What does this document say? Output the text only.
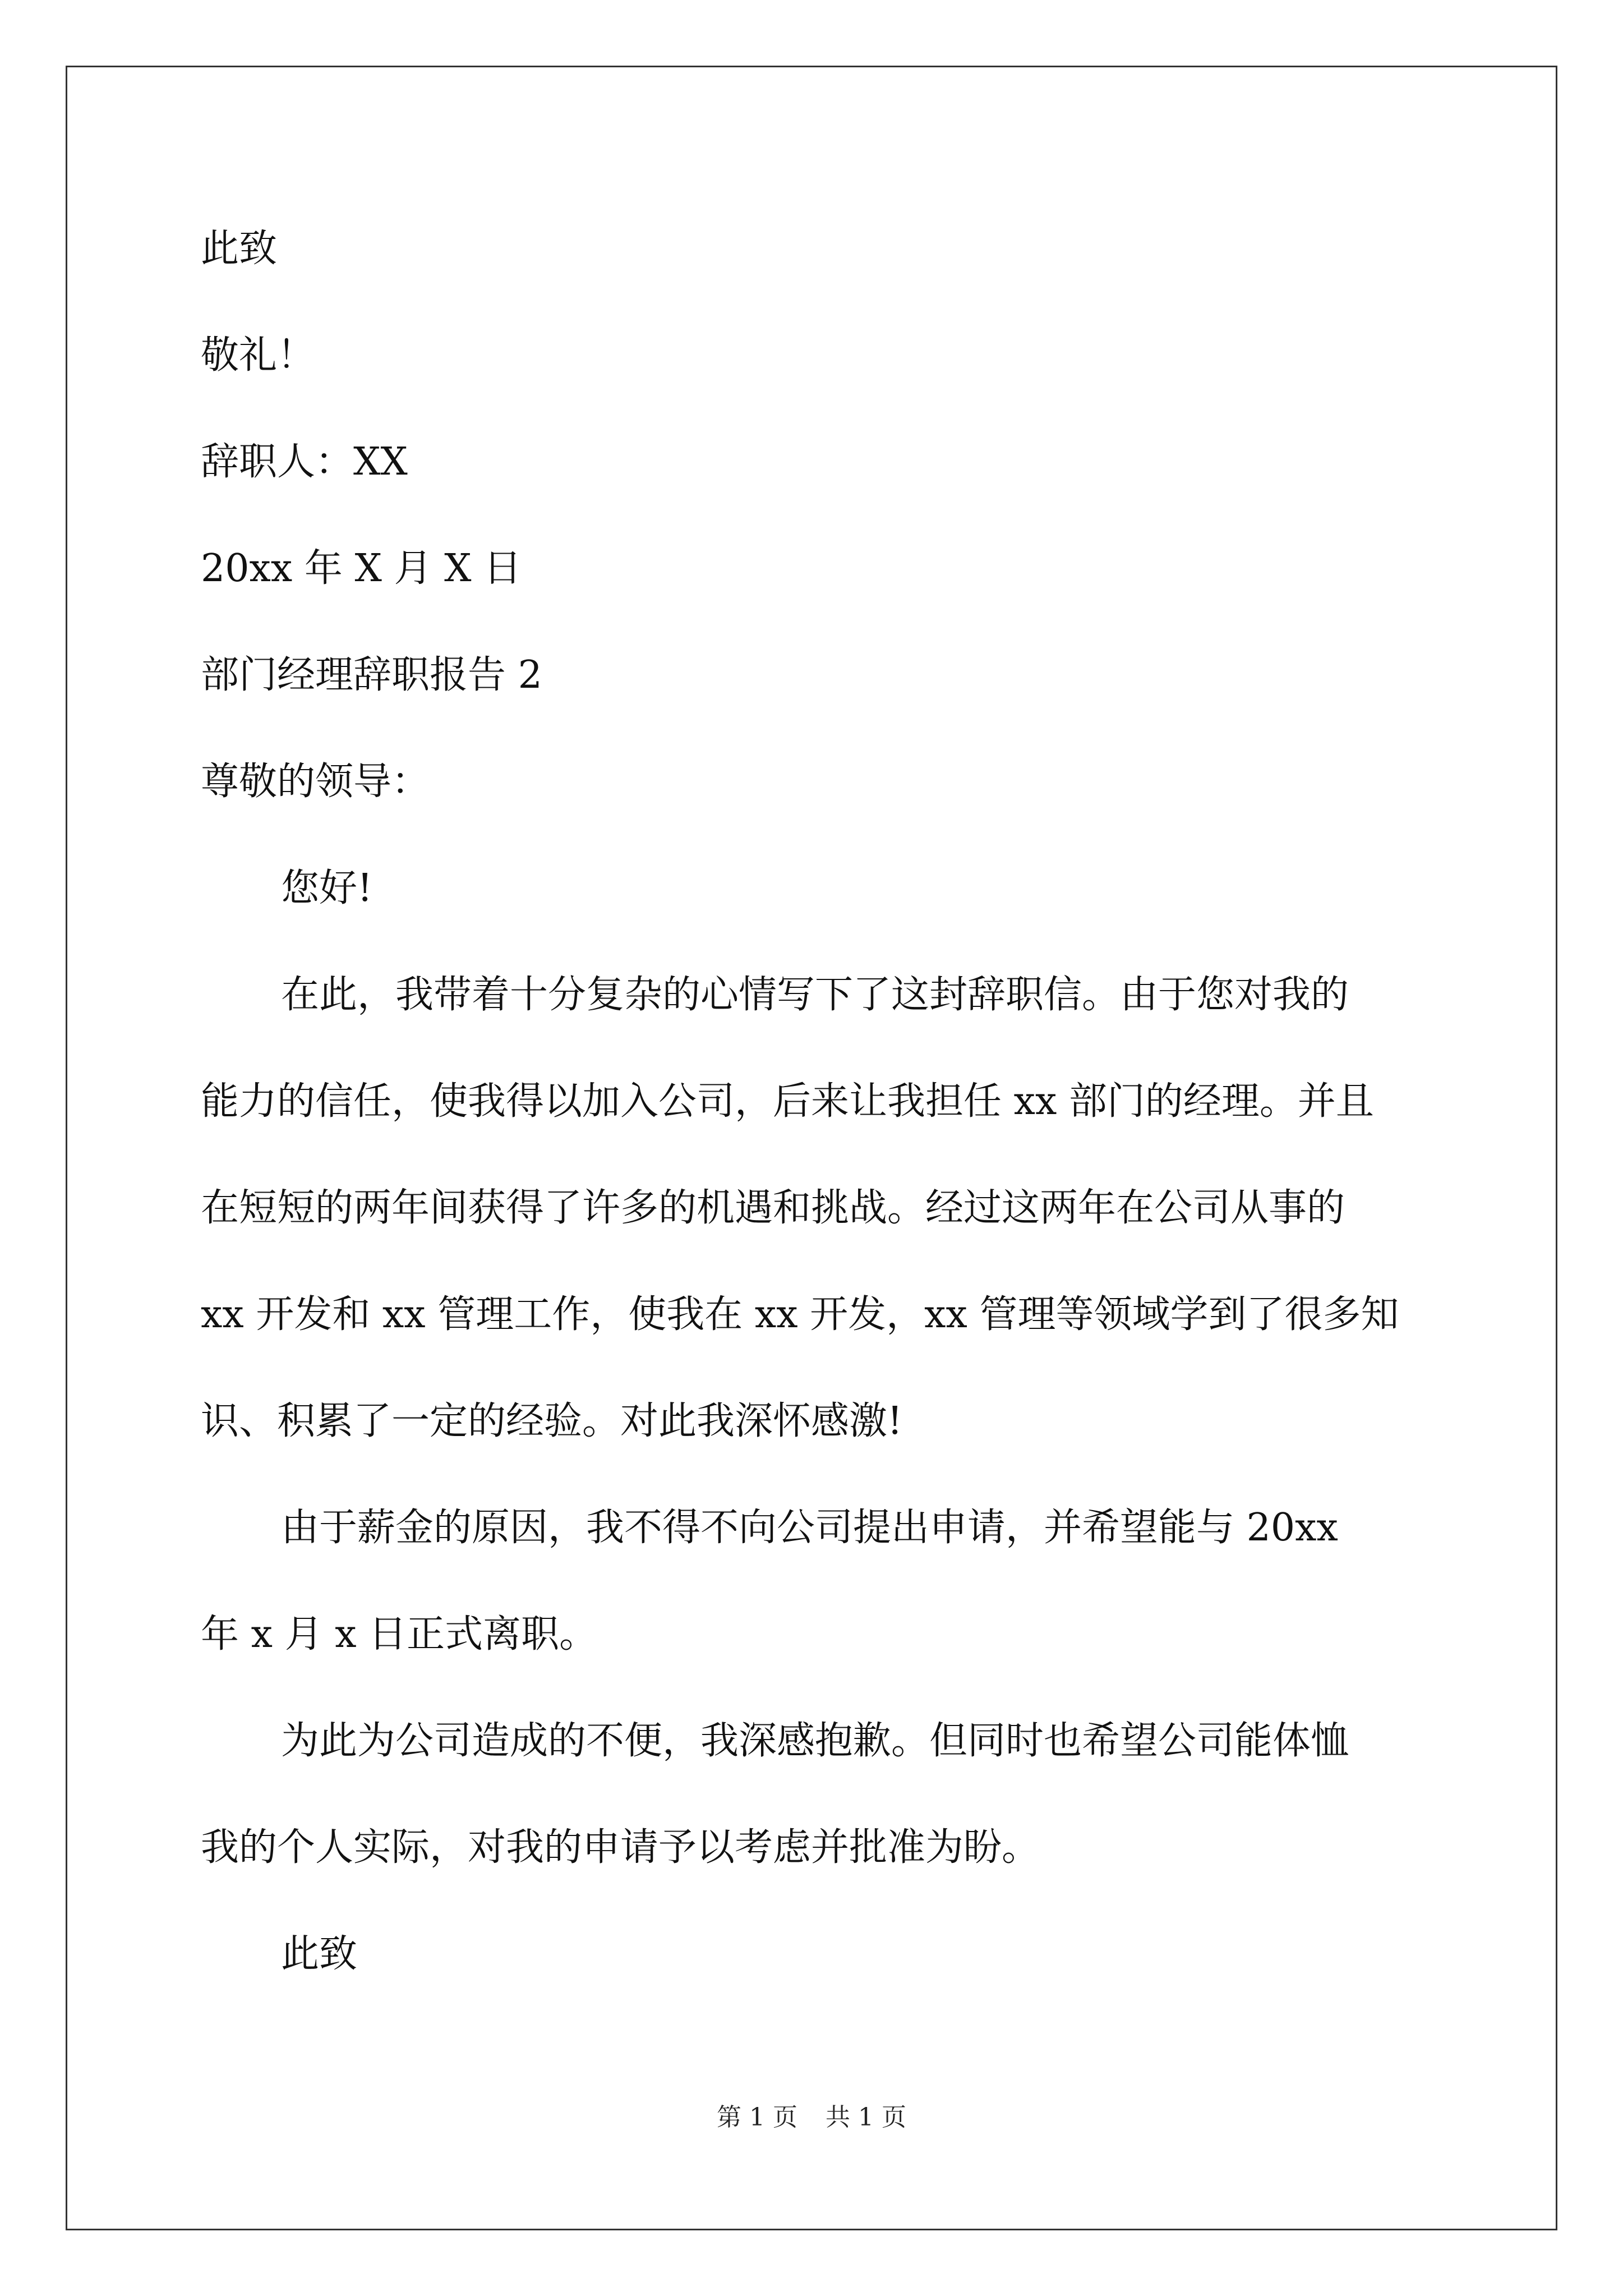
此致
敬礼！
辞职人：XX
20xx 年 X 月 X 日
部门经理辞职报告 2
尊敬的领导：
您好!
在此，我带着十分复杂的心情写下了这封辞职信。由于您对我的
能力的信任，使我得以加入公司，后来让我担任 xx 部门的经理。并且
在短短的两年间获得了许多的机遇和挑战。经过这两年在公司从事的
xx 开发和 xx 管理工作，使我在 xx 开发，xx 管理等领域学到了很多知
识、积累了一定的经验。对此我深怀感激!
由于薪金的原因，我不得不向公司提出申请，并希望能与 20xx
年 x 月 x 日正式离职。
为此为公司造成的不便，我深感抱歉。但同时也希望公司能体恤
我的个人实际，对我的申请予以考虑并批准为盼。
此致
第 1 页 共 1 页
